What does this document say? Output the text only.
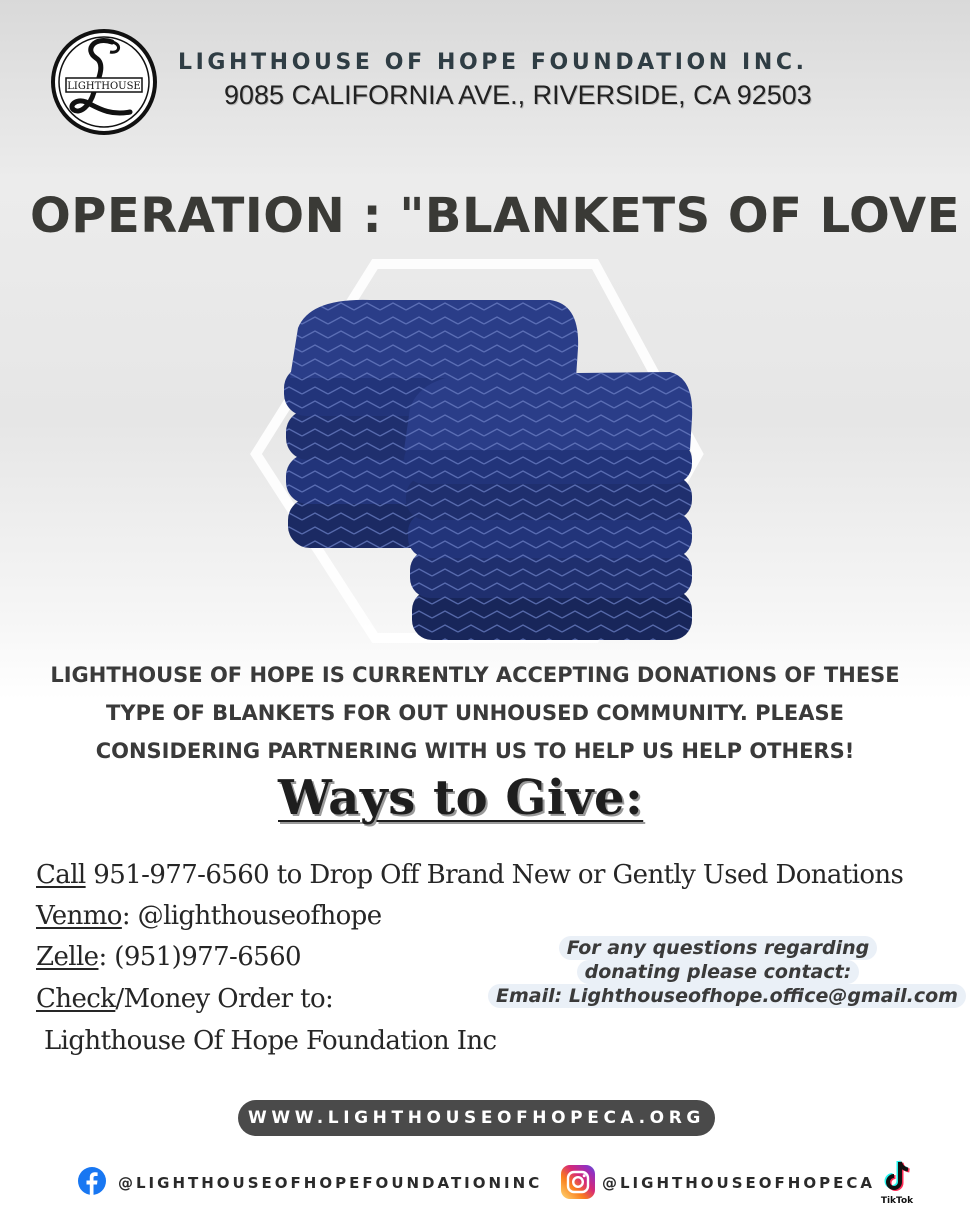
LIGHTHOUSE
LIGHTHOUSE OF HOPE FOUNDATION INC.
9085 CALIFORNIA AVE., RIVERSIDE, CA 92503
OPERATION : "BLANKETS OF LOVE
LIGHTHOUSE OF HOPE IS CURRENTLY ACCEPTING DONATIONS OF THESE
TYPE OF BLANKETS FOR OUT UNHOUSED COMMUNITY. PLEASE
CONSIDERING PARTNERING WITH US TO HELP US HELP OTHERS!
Ways to Give:
Call 951-977-6560 to Drop Off Brand New or Gently Used Donations
Venmo: @lighthouseofhope
Zelle: (951)977-6560
Check/Money Order to:
Lighthouse Of Hope Foundation Inc
For any questions regarding
donating please contact:
Email: Lighthouseofhope.office@gmail.com
WWW.LIGHTHOUSEOFHOPECA.ORG
@LIGHTHOUSEOFHOPEFOUNDATIONINC	@LIGHTHOUSEOFHOPECA
TikTok
